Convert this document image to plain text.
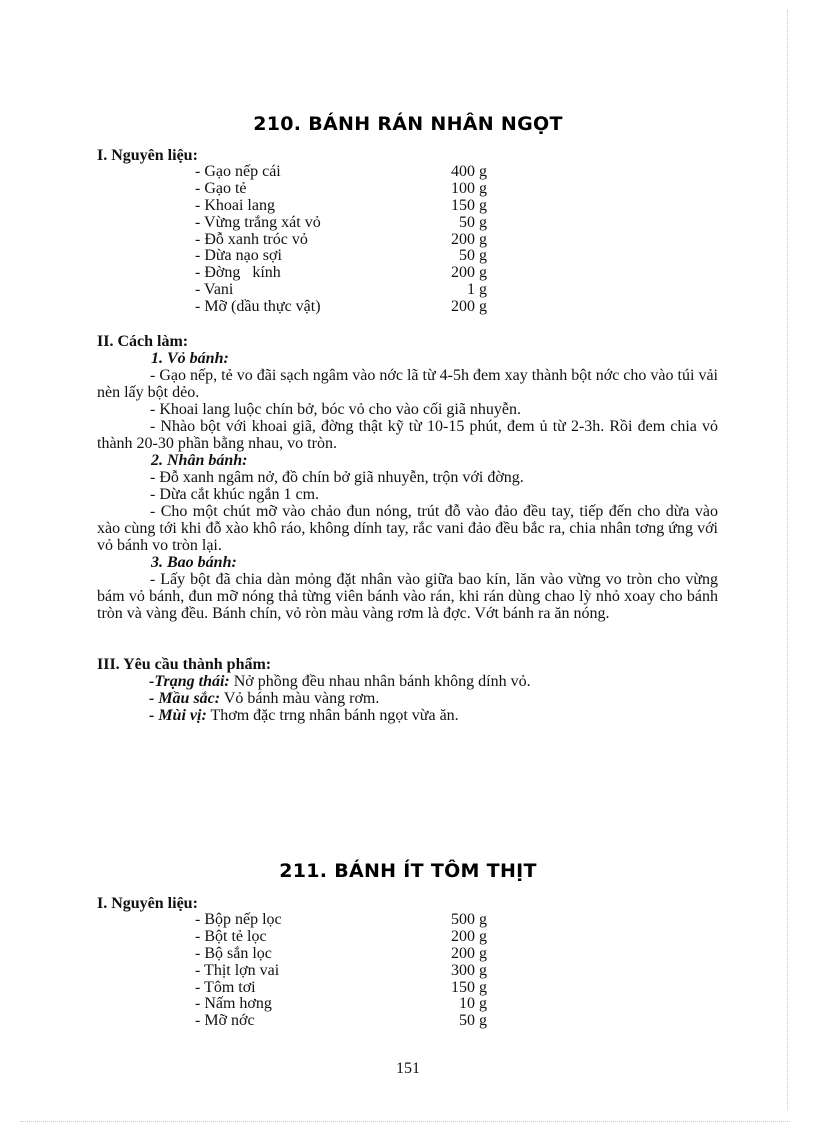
210. BÁNH RÁN NHÂN NGỌT
I. Nguyên liệu:
- Gạo nếp cái	400 g
- Gạo tẻ	100 g
- Khoai lang	150 g
- Vừng trắng xát vỏ	50 g
- Đỗ xanh tróc vỏ	200 g
- Dừa nạo sợi	50 g
- Đờng   kính	200 g
- Vani	1 g
- Mỡ (dầu thực vật)	200 g
II. Cách làm:
1. Vỏ bánh:
- Gạo nếp, tẻ vo đãi sạch ngâm vào nớc lã từ 4-5h đem xay thành bột nớc cho vào túi vải nèn lấy bột dẻo.
- Khoai lang luộc chín bở, bóc vỏ cho vào cối giã nhuyễn.
- Nhào bột với khoai giã, đờng thật kỹ từ 10-15 phút, đem ủ từ 2-3h. Rồi đem chia vỏ thành 20-30 phần bằng nhau, vo tròn.
2. Nhân bánh:
- Đỗ xanh ngâm nở, đồ chín bở giã nhuyễn, trộn với đờng.
- Dừa cắt khúc ngắn 1 cm.
- Cho một chút mỡ vào chảo đun nóng, trút đỗ vào đảo đều tay, tiếp đến cho dừa vào xào cùng tới khi đỗ xào khô ráo, không dính tay, rắc vani đảo đều bắc ra, chia nhân tơng ứng với vỏ bánh vo tròn lại.
3. Bao bánh:
- Lấy bột đã chia dàn mỏng đặt nhân vào giữa bao kín, lăn vào vừng vo tròn cho vừng bám vỏ bánh, đun mỡ nóng thả từng viên bánh vào rán, khi rán dùng chao lỳ nhỏ xoay cho bánh tròn và vàng đều. Bánh chín, vỏ ròn màu vàng rơm là đợc. Vớt bánh ra ăn nóng.
III. Yêu cầu thành phẩm:
-Trạng thái: Nở phồng đều nhau nhân bánh không dính vỏ.
- Mầu sắc: Vỏ bánh màu vàng rơm.
- Mùi vị: Thơm đặc trng nhân bánh ngọt vừa ăn.
211. BÁNH ÍT TÔM THỊT
I. Nguyên liệu:
- Bộp nếp lọc	500 g
- Bột tẻ lọc	200 g
- Bộ sắn lọc	200 g
- Thịt lợn vai	300 g
- Tôm tơi	150 g
- Nấm hơng	10 g
- Mỡ nớc	50 g
151
